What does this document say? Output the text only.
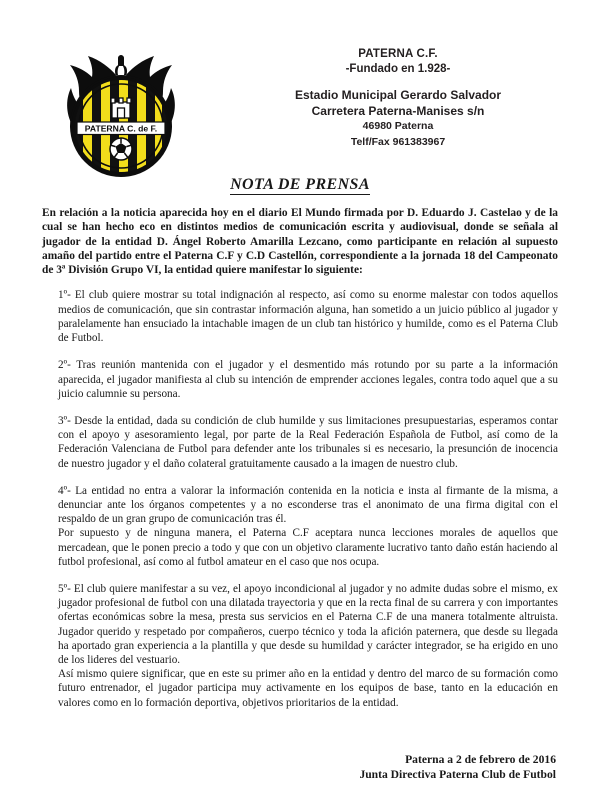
PATERNA C. de F.
PATERNA C.F.
-Fundado en 1.928-
Estadio Municipal Gerardo Salvador
Carretera Paterna-Manises s/n
46980 Paterna
Telf/Fax 961383967
NOTA DE PRENSA
En relación a la noticia aparecida hoy en el diario El Mundo firmada por D. Eduardo J. Castelao y de la cual se han hecho eco en distintos medios de comunicación escrita y audiovisual, donde se señala al jugador de la entidad D. Ángel Roberto Amarilla Lezcano, como participante en relación al supuesto amaño del partido entre el Paterna C.F y C.D Castellón, correspondiente a la jornada 18 del Campeonato de 3ª División Grupo VI, la entidad quiere manifestar lo siguiente:

1º- El club quiere mostrar su total indignación al respecto, así como su enorme malestar con todos aquellos medios de comunicación, que sin contrastar información alguna, han sometido a un juicio público al jugador y paralelamente han ensuciado la intachable imagen de un club tan histórico y humilde, como es el Paterna Club de Futbol.

2º- Tras reunión mantenida con el jugador y el desmentido más rotundo por su parte a la información aparecida, el jugador manifiesta al club su intención de emprender acciones legales, contra todo aquel que a su juicio calumnie su persona.

3º- Desde la entidad, dada su condición de club humilde y sus limitaciones presupuestarias, esperamos contar con el apoyo y asesoramiento legal, por parte de la Real Federación Española de Futbol, así como de la Federación Valenciana de Futbol para defender ante los tribunales si es necesario, la presunción de inocencia de nuestro jugador y el daño colateral gratuitamente causado a la imagen de nuestro club.

4º- La entidad no entra a valorar la información contenida en la noticia e insta al firmante de la misma, a denunciar ante los órganos competentes y a no esconderse tras el anonimato de una firma digital con el respaldo de un gran grupo de comunicación tras él.

Por supuesto y de ninguna manera, el Paterna C.F aceptara nunca lecciones morales de aquellos que mercadean, que le ponen precio a todo y que con un objetivo claramente lucrativo tanto daño están haciendo al futbol profesional, así como al futbol amateur en el caso que nos ocupa.

5º- El club quiere manifestar a su vez, el apoyo incondicional al jugador y no admite dudas sobre el mismo, ex jugador profesional de futbol con una dilatada trayectoria y que en la recta final de su carrera y con importantes ofertas económicas sobre la mesa, presta sus servicios en el Paterna C.F de una manera totalmente altruista. Jugador querido y respetado por compañeros, cuerpo técnico y toda la afición paternera, que desde su llegada ha aportado gran experiencia a la plantilla y que desde su humildad y carácter integrador, se ha erigido en uno de los lideres del vestuario.

Así mismo quiere significar, que en este su primer año en la entidad y dentro del marco de su formación como futuro entrenador, el jugador participa muy activamente en los equipos de base, tanto en la educación en valores como en lo formación deportiva, objetivos prioritarios de la entidad.

Paterna a 2 de febrero de 2016
Junta Directiva Paterna Club de Futbol
